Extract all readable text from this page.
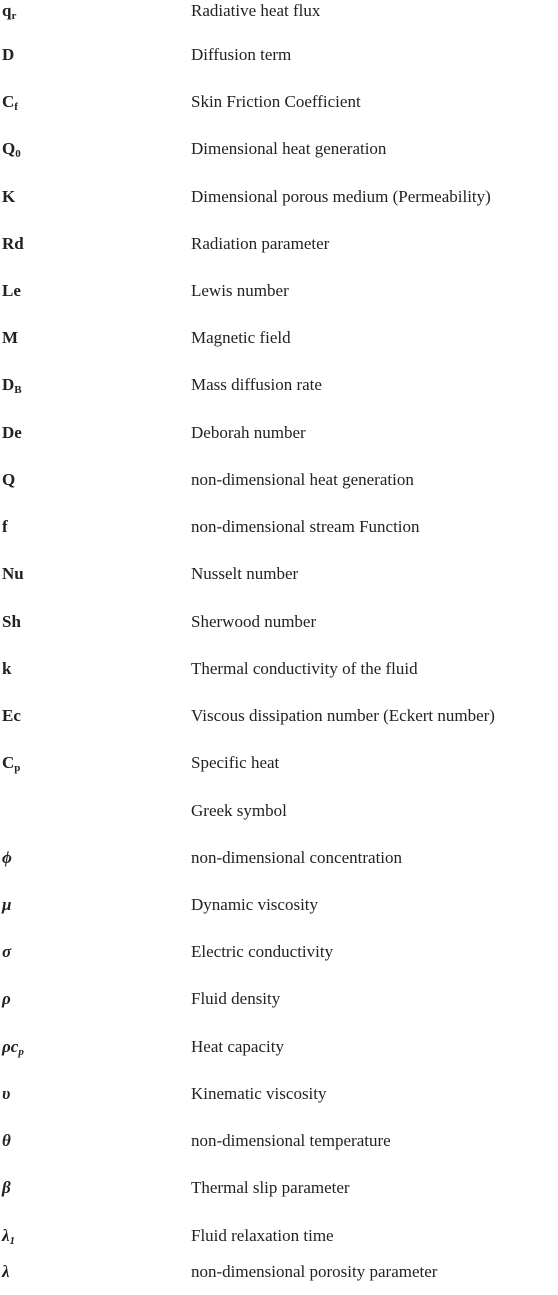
$q_r$	Radiative heat flux
D	Diffusion term
$C_f$	Skin Friction Coefficient
$Q_0$	Dimensional heat generation
K	Dimensional porous medium (Permeability)
Rd	Radiation parameter
Le	Lewis number
M	Magnetic field
$D_B$	Mass diffusion rate
De	Deborah number
Q	non-dimensional heat generation
f	non-dimensional stream Function
Nu	Nusselt number
Sh	Sherwood number
k	Thermal conductivity of the fluid
Ec	Viscous dissipation number (Eckert number)
$C_p$	Specific heat
Greek symbol
ϕ	non-dimensional concentration
μ	Dynamic viscosity
σ	Electric conductivity
ρ	Fluid density
$\rho c_p$	Heat capacity
υ	Kinematic viscosity
θ	non-dimensional temperature
β	Thermal slip parameter
$\lambda_1$	Fluid relaxation time
λ	non-dimensional porosity parameter
